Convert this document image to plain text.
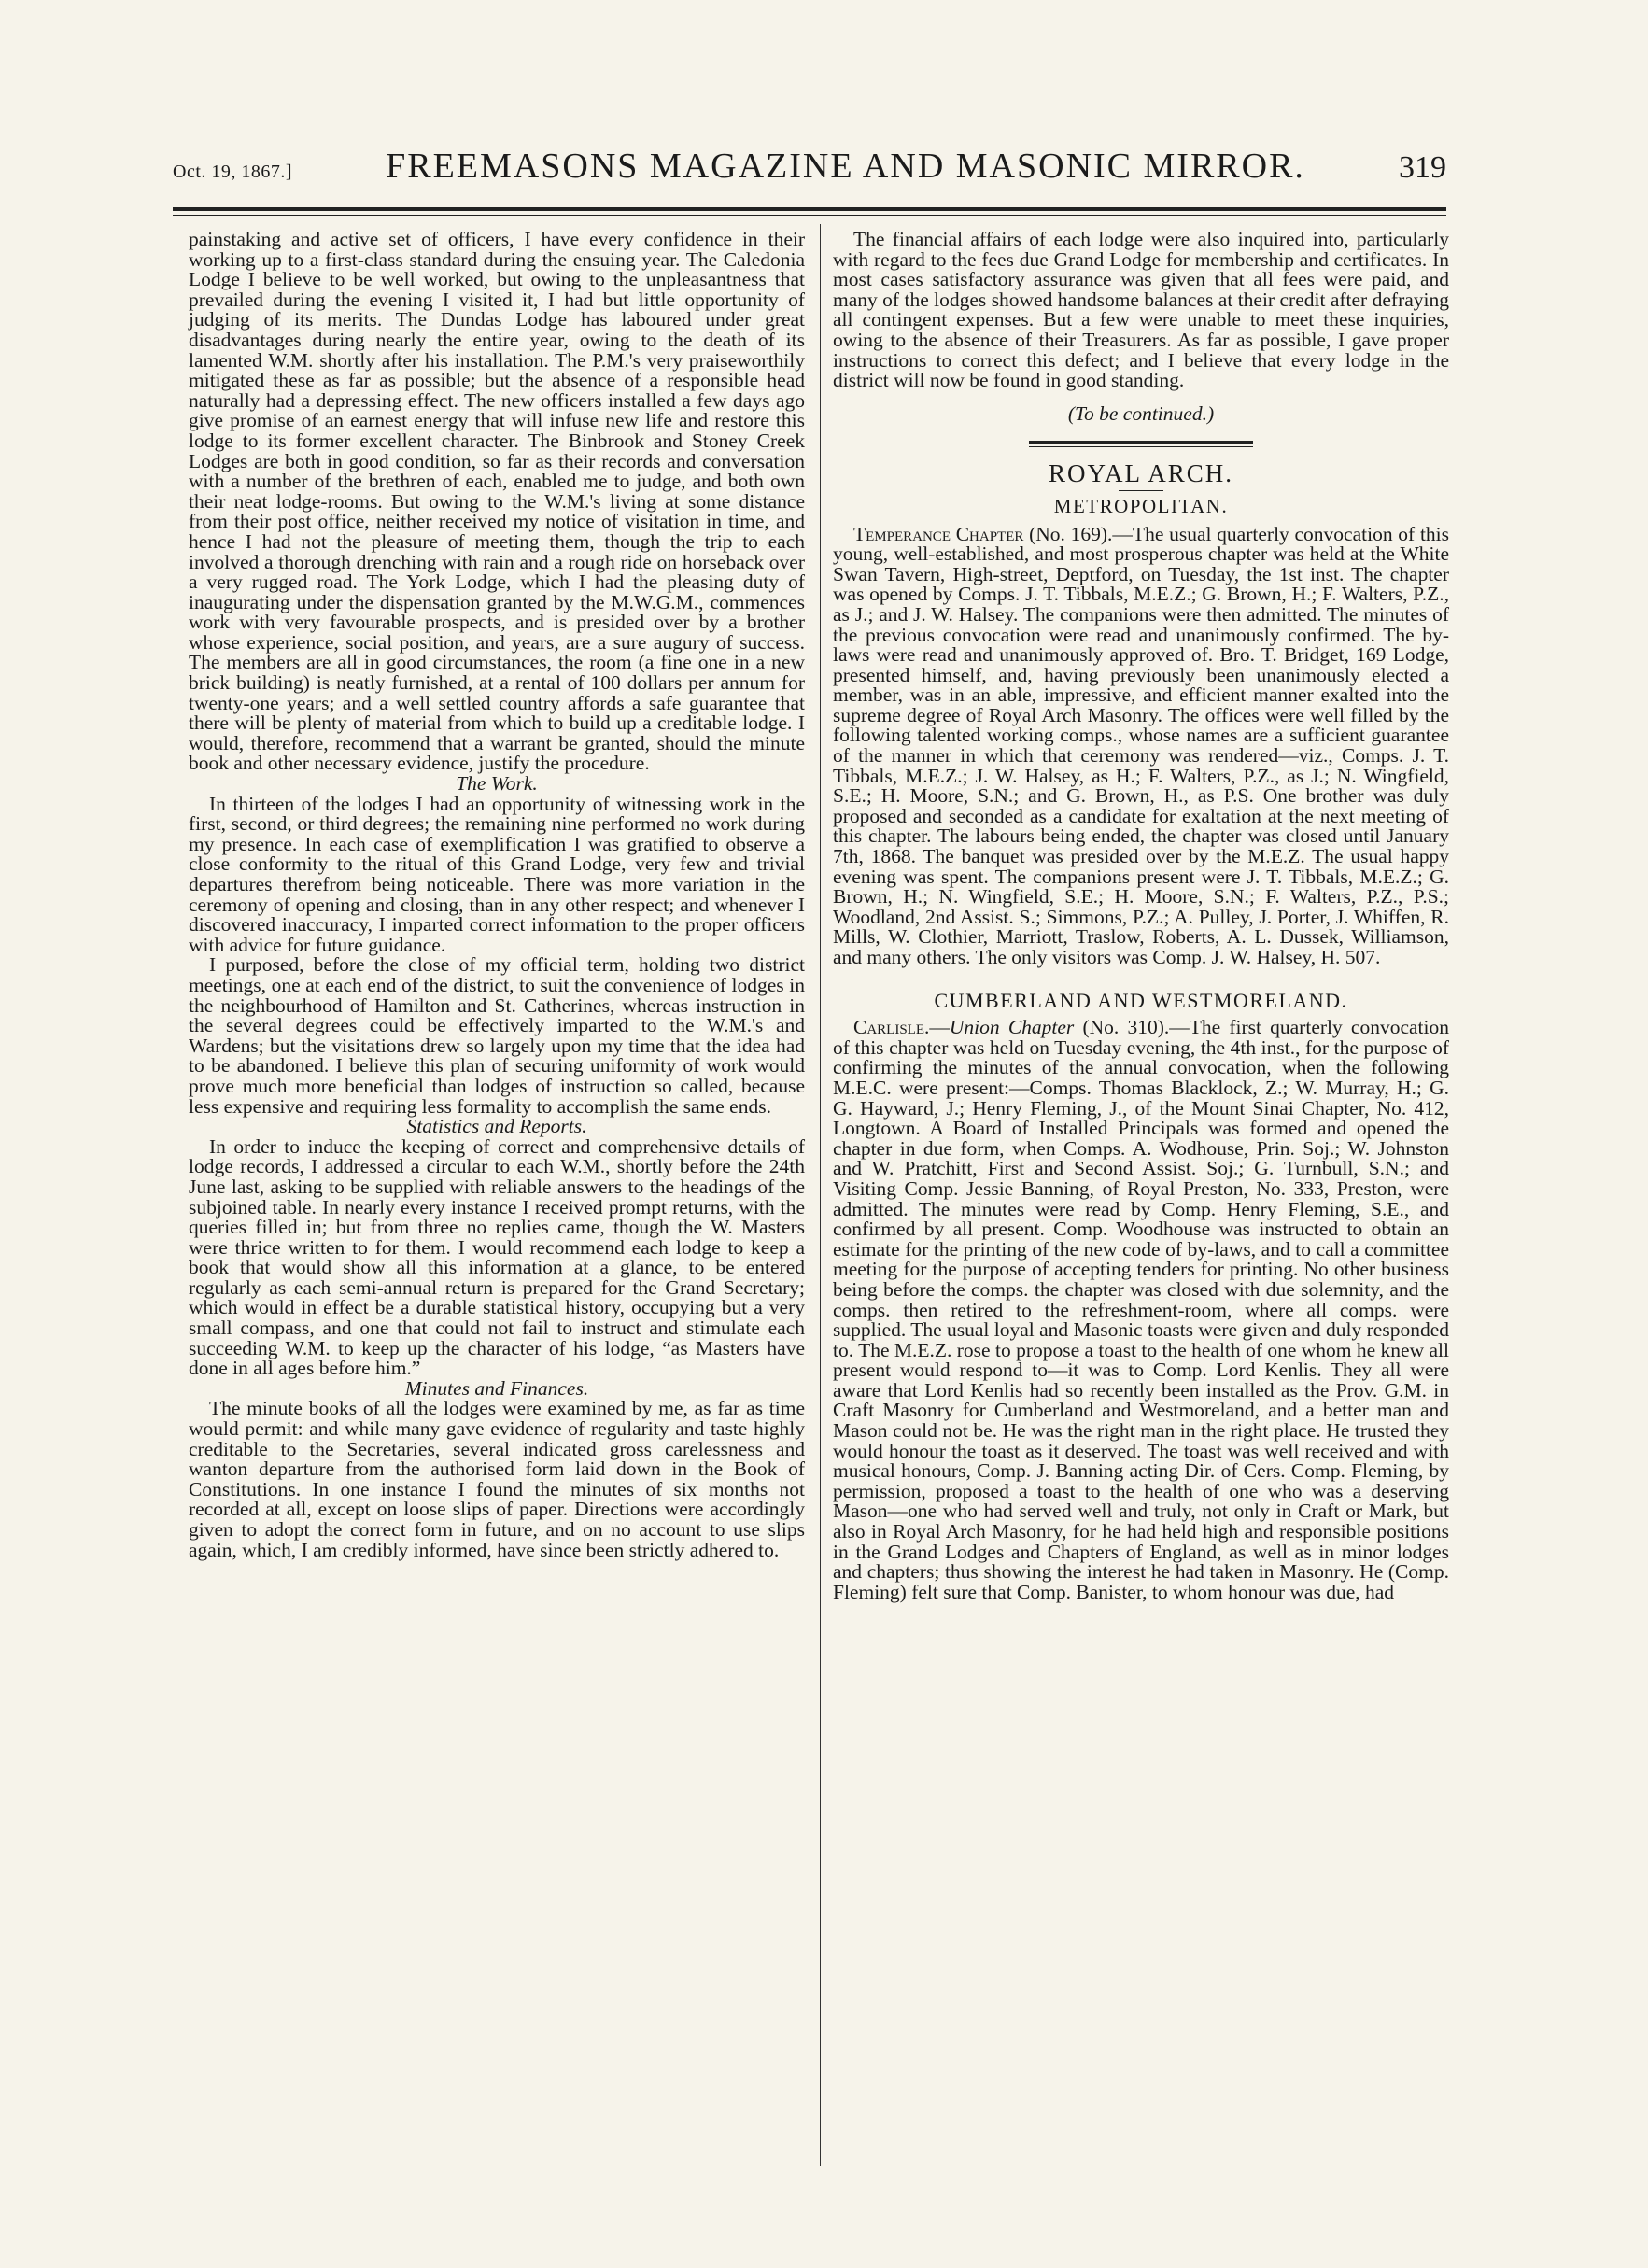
Oct. 19, 1867.]	FREEMASONS MAGAZINE AND MASONIC MIRROR.	319

painstaking and active set of officers, I have every confidence in their working up to a first-class standard during the ensuing year. The Caledonia Lodge I believe to be well worked, but owing to the unpleasantness that prevailed during the evening I visited it, I had but little opportunity of judging of its merits. The Dundas Lodge has laboured under great disadvantages during nearly the entire year, owing to the death of its lamented W.M. shortly after his installation. The P.M.'s very praiseworthily mitigated these as far as possible; but the absence of a responsible head naturally had a depressing effect. The new officers installed a few days ago give promise of an earnest energy that will infuse new life and restore this lodge to its former excellent character. The Binbrook and Stoney Creek Lodges are both in good condition, so far as their records and conversation with a number of the brethren of each, enabled me to judge, and both own their neat lodge-rooms. But owing to the W.M.'s living at some distance from their post office, neither received my notice of visitation in time, and hence I had not the pleasure of meeting them, though the trip to each involved a thorough drenching with rain and a rough ride on horseback over a very rugged road. The York Lodge, which I had the pleasing duty of inaugurating under the dispensation granted by the M.W.G.M., commences work with very favourable prospects, and is presided over by a brother whose experience, social position, and years, are a sure augury of success. The members are all in good circumstances, the room (a fine one in a new brick building) is neatly furnished, at a rental of 100 dollars per annum for twenty-one years; and a well settled country affords a safe guarantee that there will be plenty of material from which to build up a creditable lodge. I would, therefore, recommend that a warrant be granted, should the minute book and other necessary evidence, justify the procedure.

The Work.

In thirteen of the lodges I had an opportunity of witnessing work in the first, second, or third degrees; the remaining nine performed no work during my presence. In each case of exemplification I was gratified to observe a close conformity to the ritual of this Grand Lodge, very few and trivial departures therefrom being noticeable. There was more variation in the ceremony of opening and closing, than in any other respect; and whenever I discovered inaccuracy, I imparted correct information to the proper officers with advice for future guidance.

I purposed, before the close of my official term, holding two district meetings, one at each end of the district, to suit the convenience of lodges in the neighbourhood of Hamilton and St. Catherines, whereas instruction in the several degrees could be effectively imparted to the W.M.'s and Wardens; but the visitations drew so largely upon my time that the idea had to be abandoned. I believe this plan of securing uniformity of work would prove much more beneficial than lodges of instruction so called, because less expensive and requiring less formality to accomplish the same ends.

Statistics and Reports.

In order to induce the keeping of correct and comprehensive details of lodge records, I addressed a circular to each W.M., shortly before the 24th June last, asking to be supplied with reliable answers to the headings of the subjoined table. In nearly every instance I received prompt returns, with the queries filled in; but from three no replies came, though the W. Masters were thrice written to for them. I would recommend each lodge to keep a book that would show all this information at a glance, to be entered regularly as each semi-annual return is prepared for the Grand Secretary; which would in effect be a durable statistical history, occupying but a very small compass, and one that could not fail to instruct and stimulate each succeeding W.M. to keep up the character of his lodge, “as Masters have done in all ages before him.”

Minutes and Finances.

The minute books of all the lodges were examined by me, as far as time would permit: and while many gave evidence of regularity and taste highly creditable to the Secretaries, several indicated gross carelessness and wanton departure from the authorised form laid down in the Book of Constitutions. In one instance I found the minutes of six months not recorded at all, except on loose slips of paper. Directions were accordingly given to adopt the correct form in future, and on no account to use slips again, which, I am credibly informed, have since been strictly adhered to.

The financial affairs of each lodge were also inquired into, particularly with regard to the fees due Grand Lodge for membership and certificates. In most cases satisfactory assurance was given that all fees were paid, and many of the lodges showed handsome balances at their credit after defraying all contingent expenses. But a few were unable to meet these inquiries, owing to the absence of their Treasurers. As far as possible, I gave proper instructions to correct this defect; and I believe that every lodge in the district will now be found in good standing.

(To be continued.)

ROYAL ARCH.

METROPOLITAN.

Temperance Chapter (No. 169).—The usual quarterly convocation of this young, well-established, and most prosperous chapter was held at the White Swan Tavern, High-street, Deptford, on Tuesday, the 1st inst. The chapter was opened by Comps. J. T. Tibbals, M.E.Z.; G. Brown, H.; F. Walters, P.Z., as J.; and J. W. Halsey. The companions were then admitted. The minutes of the previous convocation were read and unanimously confirmed. The by-laws were read and unanimously approved of. Bro. T. Bridget, 169 Lodge, presented himself, and, having previously been unanimously elected a member, was in an able, impressive, and efficient manner exalted into the supreme degree of Royal Arch Masonry. The offices were well filled by the following talented working comps., whose names are a sufficient guarantee of the manner in which that ceremony was rendered—viz., Comps. J. T. Tibbals, M.E.Z.; J. W. Halsey, as H.; F. Walters, P.Z., as J.; N. Wingfield, S.E.; H. Moore, S.N.; and G. Brown, H., as P.S. One brother was duly proposed and seconded as a candidate for exaltation at the next meeting of this chapter. The labours being ended, the chapter was closed until January 7th, 1868. The banquet was presided over by the M.E.Z. The usual happy evening was spent. The companions present were J. T. Tibbals, M.E.Z.; G. Brown, H.; N. Wingfield, S.E.; H. Moore, S.N.; F. Walters, P.Z., P.S.; Woodland, 2nd Assist. S.; Simmons, P.Z.; A. Pulley, J. Porter, J. Whiffen, R. Mills, W. Clothier, Marriott, Traslow, Roberts, A. L. Dussek, Williamson, and many others. The only visitors was Comp. J. W. Halsey, H. 507.

CUMBERLAND AND WESTMORELAND.

Carlisle.—Union Chapter (No. 310).—The first quarterly convocation of this chapter was held on Tuesday evening, the 4th inst., for the purpose of confirming the minutes of the annual convocation, when the following M.E.C. were present:—Comps. Thomas Blacklock, Z.; W. Murray, H.; G. G. Hayward, J.; Henry Fleming, J., of the Mount Sinai Chapter, No. 412, Longtown. A Board of Installed Principals was formed and opened the chapter in due form, when Comps. A. Wodhouse, Prin. Soj.; W. Johnston and W. Pratchitt, First and Second Assist. Soj.; G. Turnbull, S.N.; and Visiting Comp. Jessie Banning, of Royal Preston, No. 333, Preston, were admitted. The minutes were read by Comp. Henry Fleming, S.E., and confirmed by all present. Comp. Woodhouse was instructed to obtain an estimate for the printing of the new code of by-laws, and to call a committee meeting for the purpose of accepting tenders for printing. No other business being before the comps. the chapter was closed with due solemnity, and the comps. then retired to the refreshment-room, where all comps. were supplied. The usual loyal and Masonic toasts were given and duly responded to. The M.E.Z. rose to propose a toast to the health of one whom he knew all present would respond to—it was to Comp. Lord Kenlis. They all were aware that Lord Kenlis had so recently been installed as the Prov. G.M. in Craft Masonry for Cumberland and Westmoreland, and a better man and Mason could not be. He was the right man in the right place. He trusted they would honour the toast as it deserved. The toast was well received and with musical honours, Comp. J. Banning acting Dir. of Cers. Comp. Fleming, by permission, proposed a toast to the health of one who was a deserving Mason—one who had served well and truly, not only in Craft or Mark, but also in Royal Arch Masonry, for he had held high and responsible positions in the Grand Lodges and Chapters of England, as well as in minor lodges and chapters; thus showing the interest he had taken in Masonry. He (Comp. Fleming) felt sure that Comp. Banister, to whom honour was due, had
